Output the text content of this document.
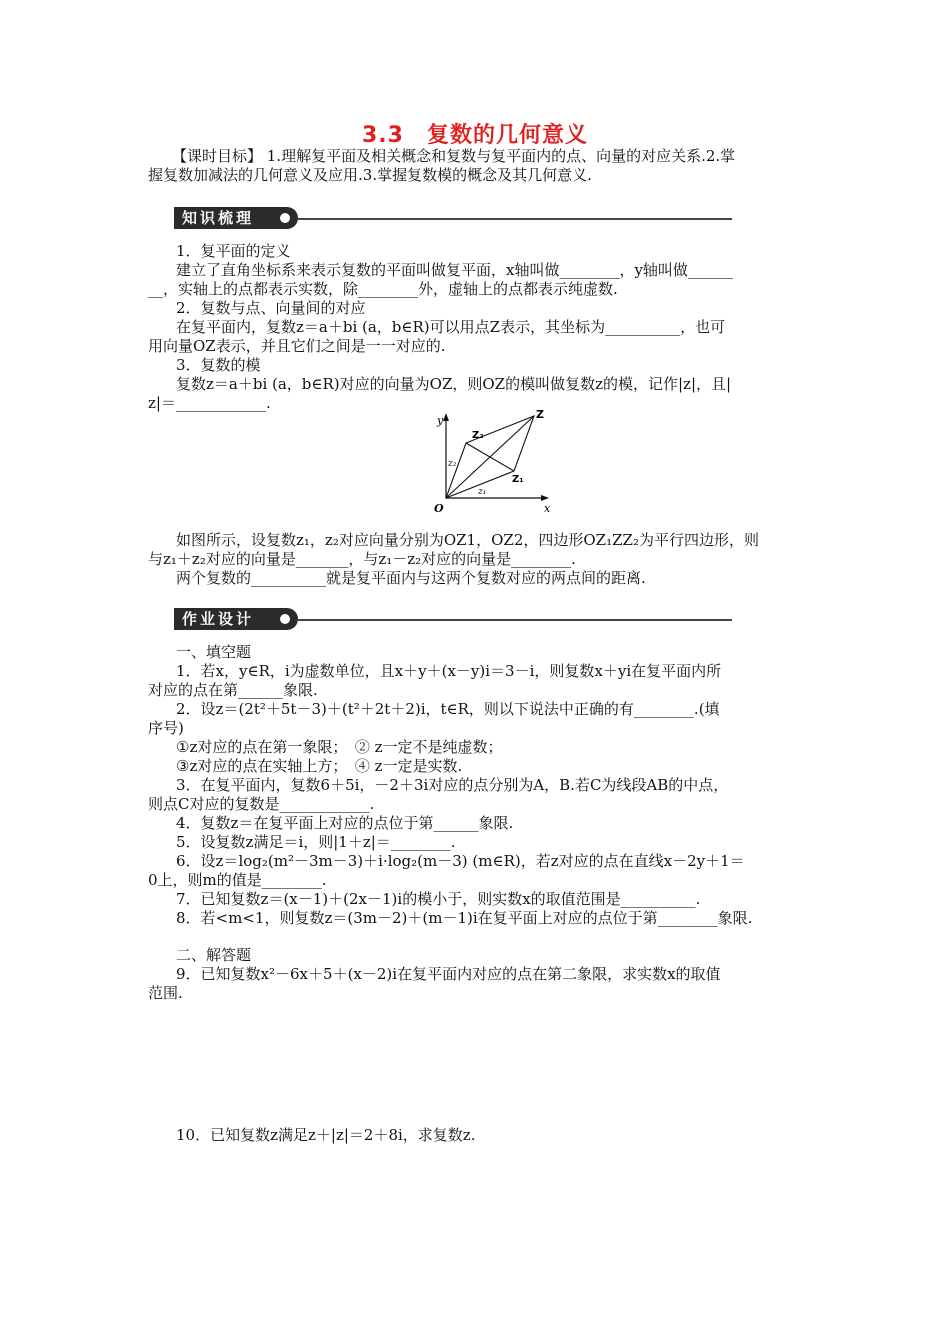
3.3　复数的几何意义
【课时目标】 1.理解复平面及相关概念和复数与复平面内的点、向量的对应关系.2.掌
握复数加减法的几何意义及应用.3.掌握复数模的概念及其几何意义.
知识梳理
1．复平面的定义
建立了直角坐标系来表示复数的平面叫做复平面，x轴叫做________，y轴叫做______
__，实轴上的点都表示实数，除________外，虚轴上的点都表示纯虚数.
2．复数与点、向量间的对应
在复平面内，复数z＝a＋bi (a，b∈R)可以用点Z表示，其坐标为__________，也可
用向量OZ表示，并且它们之间是一一对应的.
3．复数的模
复数z＝a＋bi (a，b∈R)对应的向量为OZ，则OZ的模叫做复数z的模，记作|z|，且|
z|＝____________.
y
x
O
Z
Z₁
Z₂
z₁
z₂
如图所示，设复数z₁，z₂对应向量分别为OZ1，OZ2，四边形OZ₁ZZ₂为平行四边形，则
与z₁＋z₂对应的向量是_______，与z₁－z₂对应的向量是________.
两个复数的__________就是复平面内与这两个复数对应的两点间的距离.
作业设计
一、填空题
1．若x，y∈R，i为虚数单位，且x＋y＋(x－y)i＝3－i，则复数x＋yi在复平面内所
对应的点在第______象限.
2．设z＝(2t²＋5t－3)＋(t²＋2t＋2)i，t∈R，则以下说法中正确的有________.(填
序号)
①z对应的点在第一象限；　② z一定不是纯虚数；
③z对应的点在实轴上方；　④ z一定是实数.
3．在复平面内，复数6＋5i，－2＋3i对应的点分别为A，B.若C为线段AB的中点，
则点C对应的复数是____________.
4．复数z＝在复平面上对应的点位于第______象限.
5．设复数z满足＝i，则|1＋z|＝________.
6．设z＝log₂(m²－3m－3)＋i·log₂(m－3) (m∈R)，若z对应的点在直线x－2y＋1＝
0上，则m的值是________.
7．已知复数z＝(x－1)＋(2x－1)i的模小于，则实数x的取值范围是__________.
8．若<m<1，则复数z＝(3m－2)＋(m－1)i在复平面上对应的点位于第________象限.
二、解答题
9．已知复数x²－6x＋5＋(x－2)i在复平面内对应的点在第二象限，求实数x的取值
范围.
10．已知复数z满足z＋|z|＝2＋8i，求复数z.
